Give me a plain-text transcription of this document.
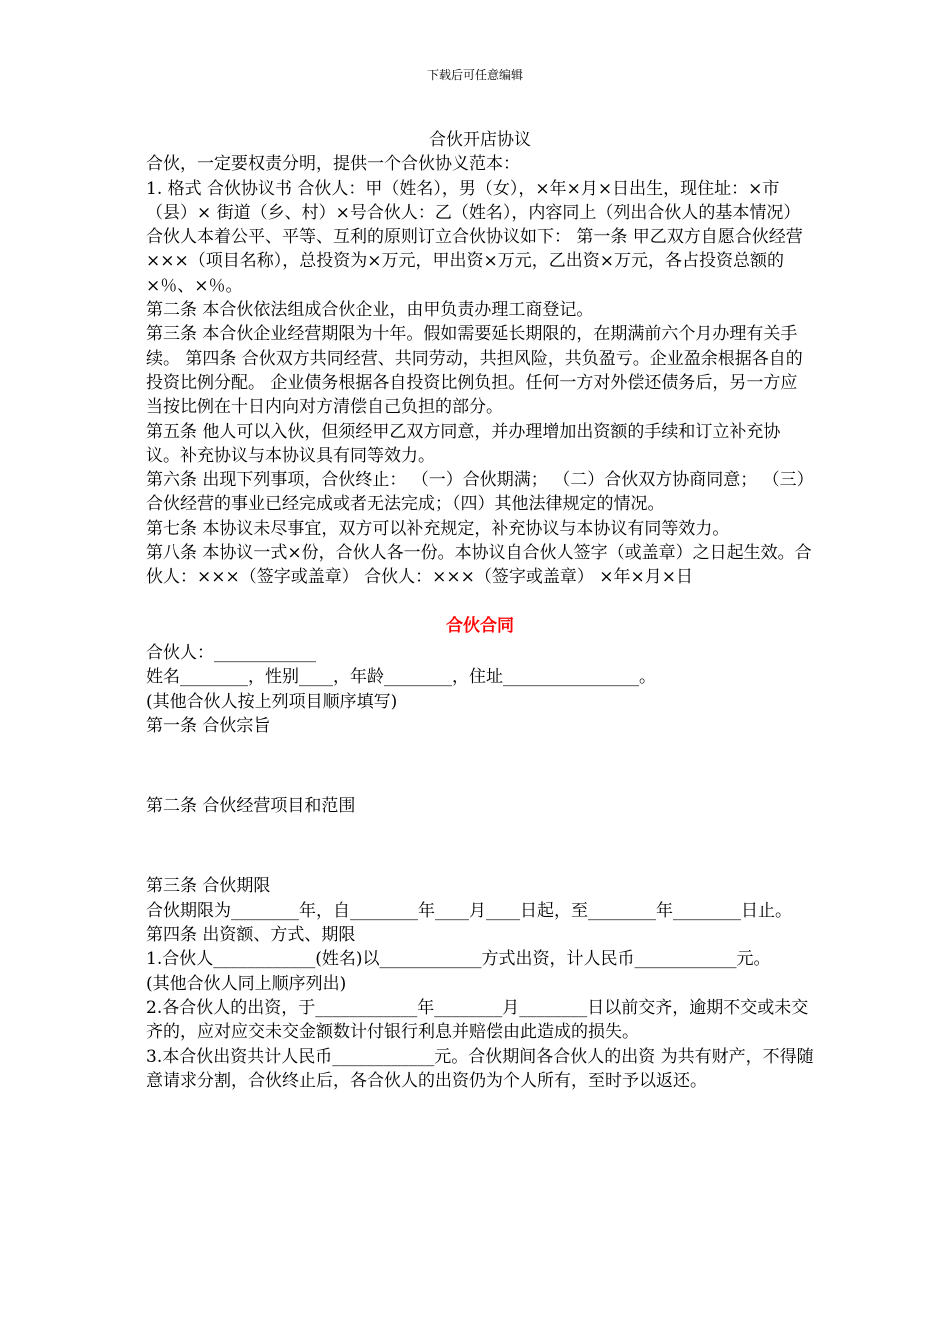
下载后可任意编辑

合伙开店协议

合伙，一定要权责分明，提供一个合伙协义范本：

1. 格式 合伙协议书 合伙人：甲（姓名），男（女），×年×月×日出生，现住址：×市（县）× 街道（乡、村）×号合伙人：乙（姓名），内容同上（列出合伙人的基本情况） 合伙人本着公平、平等、互利的原则订立合伙协议如下： 第一条 甲乙双方自愿合伙经营×××（项目名称），总投资为×万元，甲出资×万元，乙出资×万元，各占投资总额的×％、×％。

第二条 本合伙依法组成合伙企业，由甲负责办理工商登记。

第三条 本合伙企业经营期限为十年。假如需要延长期限的，在期满前六个月办理有关手续。 第四条 合伙双方共同经营、共同劳动，共担风险，共负盈亏。企业盈余根据各自的投资比例分配。 企业债务根据各自投资比例负担。任何一方对外偿还债务后，另一方应当按比例在十日内向对方清偿自己负担的部分。

第五条 他人可以入伙，但须经甲乙双方同意，并办理增加出资额的手续和订立补充协议。补充协议与本协议具有同等效力。

第六条 出现下列事项，合伙终止： （一）合伙期满； （二）合伙双方协商同意； （三）合伙经营的事业已经完成或者无法完成；（四）其他法律规定的情况。

第七条 本协议未尽事宜，双方可以补充规定，补充协议与本协议有同等效力。

第八条 本协议一式×份，合伙人各一份。本协议自合伙人签字（或盖章）之日起生效。合伙人：×××（签字或盖章） 合伙人：×××（签字或盖章） ×年×月×日

合伙合同

合伙人：____________

姓名________，性别____，年龄________，住址________________。

(其他合伙人按上列项目顺序填写)

第一条 合伙宗旨

第二条 合伙经营项目和范围

第三条 合伙期限

合伙期限为________年，自________年____月____日起，至________年________日止。

第四条 出资额、方式、期限

1.合伙人____________(姓名)以____________方式出资，计人民币____________元。

(其他合伙人同上顺序列出)

2.各合伙人的出资，于____________年________月________日以前交齐，逾期不交或未交齐的，应对应交未交金额数计付银行利息并赔偿由此造成的损失。

3.本合伙出资共计人民币____________元。合伙期间各合伙人的出资 为共有财产，不得随意请求分割，合伙终止后，各合伙人的出资仍为个人所有，至时予以返还。
